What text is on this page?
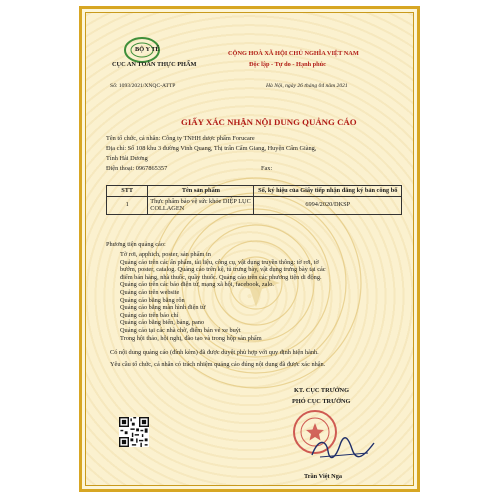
BỘ Y TẾ
CỤC AN TOÀN THỰC PHẨM
CỘNG HOÀ XÃ HỘI CHỦ NGHĨA VIỆT NAM
Độc lập - Tự do - Hạnh phúc
Số: 1093/2021/XNQC-ATTP	Hà Nội, ngày 26 tháng 04 năm 2021
GIẤY XÁC NHẬN NỘI DUNG QUẢNG CÁO
Tên tổ chức, cá nhân: Công ty TNHH dược phẩm Forucare
Địa chỉ: Số 108 khu 3 đường Vinh Quang, Thị trấn Cẩm Giang, Huyện Cẩm Giàng,
Tỉnh Hải Dương
Điện thoại: 0967865357	Fax:
STT	Tên sản phẩm	Số, ký hiệu của Giấy tiếp nhận đăng ký bản công bố
1	Thực phẩm bảo vệ sức khỏe DIỆP LỤC COLLAGEN	6994/2020/DKSP
Phương tiện quảng cáo:
Tờ rơi, apphich, poster, sản phẩm in
Quảng cáo trên các ấn phẩm, tài liệu, công cụ, vật dụng truyền thông: tờ rơi, tờ
bướm, poster, catalog. Quảng cáo trên kệ, tủ trưng bày, vật dụng trưng bày tại các
điểm bán hàng, nhà thuốc, quầy thuốc. Quảng cáo trên các phương tiện di động.
Quảng cáo trên các báo điện tử, mạng xã hội, facebook, zalo.
Quảng cáo trên website
Quảng cáo bằng băng rôn
Quảng cáo bằng màn hình điện tử
Quảng cáo trên báo chí
Quảng cáo bằng biển, bảng, pano
Quảng cáo tại các nhà chờ, điểm bán vé xe buýt
Trong hội thảo, hội nghị, đào tạo và trong hộp sản phẩm
Có nội dung quảng cáo (đính kèm) đã được duyệt phù hợp với quy định hiện hành.
Yêu cầu tổ chức, cá nhân có trách nhiệm quảng cáo đúng nội dung đã được xác nhận.
KT. CỤC TRƯỞNG
PHÓ CỤC TRƯỞNG
Trần Việt Nga
